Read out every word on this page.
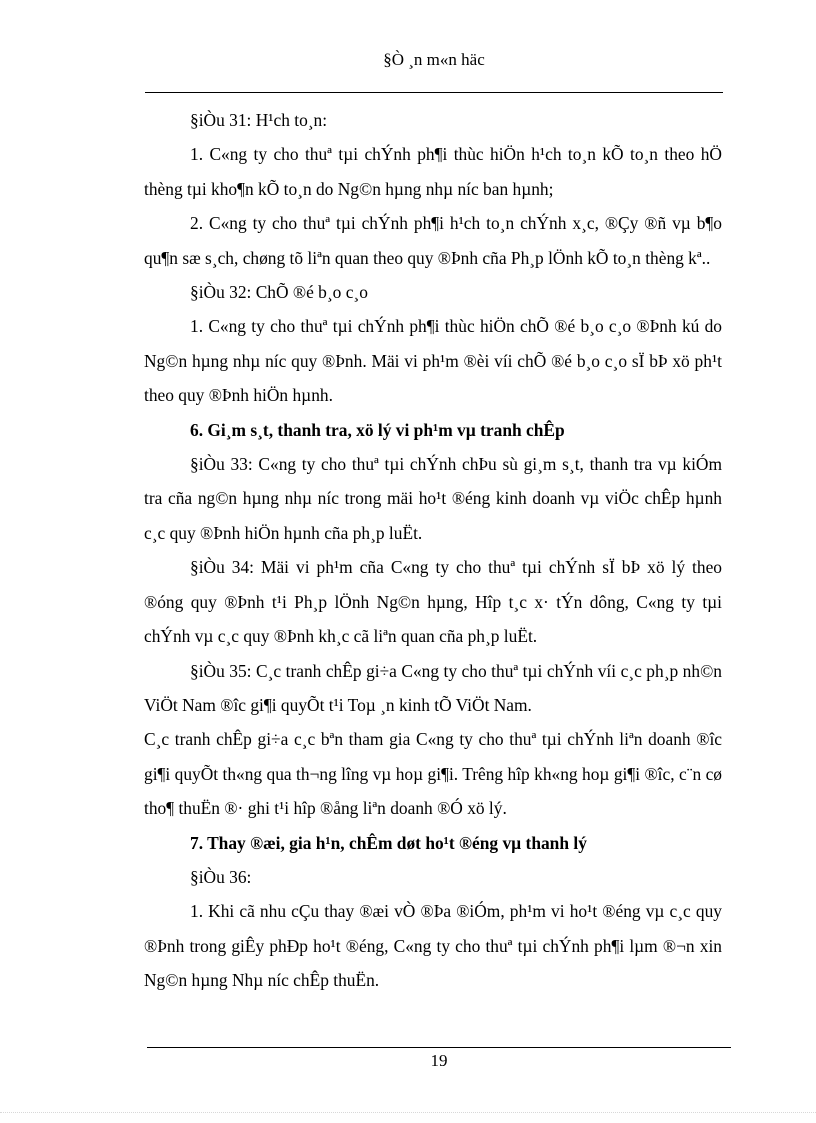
§Ò ¸n m«n häc

§iÒu 31: H¹ch to¸n:

1. C«ng ty cho thuª tµi chÝnh ph¶i thùc hiÖn h¹ch to¸n kÕ to¸n theo hÖ thèng tµi kho¶n kÕ to¸n do Ng©n hµng nhµ níc ban hµnh;

2. C«ng ty cho thuª tµi chÝnh ph¶i h¹ch to¸n chÝnh x¸c, ®Çy ®ñ vµ b¶o qu¶n sæ s¸ch, chøng tõ liªn quan theo quy ®Þnh cña Ph¸p lÖnh kÕ to¸n thèng kª..

§iÒu 32: ChÕ ®é b¸o c¸o

1. C«ng ty cho thuª tµi chÝnh ph¶i thùc hiÖn chÕ ®é b¸o c¸o ®Þnh kú do Ng©n hµng nhµ níc quy ®Þnh. Mäi vi ph¹m ®èi víi chÕ ®é b¸o c¸o sÏ bÞ xö ph¹t theo quy ®Þnh hiÖn hµnh.

6. Gi¸m s¸t, thanh tra, xö lý vi ph¹m vµ tranh chÊp

§iÒu 33: C«ng ty cho thuª tµi chÝnh chÞu sù gi¸m s¸t, thanh tra vµ kiÓm tra cña ng©n hµng nhµ níc trong mäi ho¹t ®éng kinh doanh vµ viÖc chÊp hµnh c¸c quy ®Þnh hiÖn hµnh cña ph¸p luËt.

§iÒu 34: Mäi vi ph¹m cña C«ng ty cho thuª tµi chÝnh sÏ bÞ xö lý theo ®óng quy ®Þnh t¹i Ph¸p lÖnh Ng©n hµng, Hîp t¸c x· tÝn dông, C«ng ty tµi chÝnh vµ c¸c quy ®Þnh kh¸c cã liªn quan cña ph¸p luËt.

§iÒu 35: C¸c tranh chÊp gi÷a C«ng ty cho thuª tµi chÝnh víi c¸c ph¸p nh©n ViÖt Nam ®îc gi¶i quyÕt t¹i Toµ ¸n kinh tÕ ViÖt Nam.

C¸c tranh chÊp gi÷a c¸c bªn tham gia C«ng ty cho thuª tµi chÝnh liªn doanh ®îc gi¶i quyÕt th«ng qua th¬ng lîng vµ hoµ gi¶i. Trêng hîp kh«ng hoµ gi¶i ®îc, c¨n cø tho¶ thuËn ®· ghi t¹i hîp ®ång liªn doanh ®Ó xö lý.

7. Thay ®æi, gia h¹n, chÊm døt ho¹t ®éng vµ thanh lý

§iÒu 36:

1. Khi cã nhu cÇu thay ®æi vÒ ®Þa ®iÓm, ph¹m vi ho¹t ®éng vµ c¸c quy ®Þnh trong giÊy phÐp ho¹t ®éng, C«ng ty cho thuª tµi chÝnh ph¶i lµm ®¬n xin Ng©n hµng Nhµ níc chÊp thuËn.

19
